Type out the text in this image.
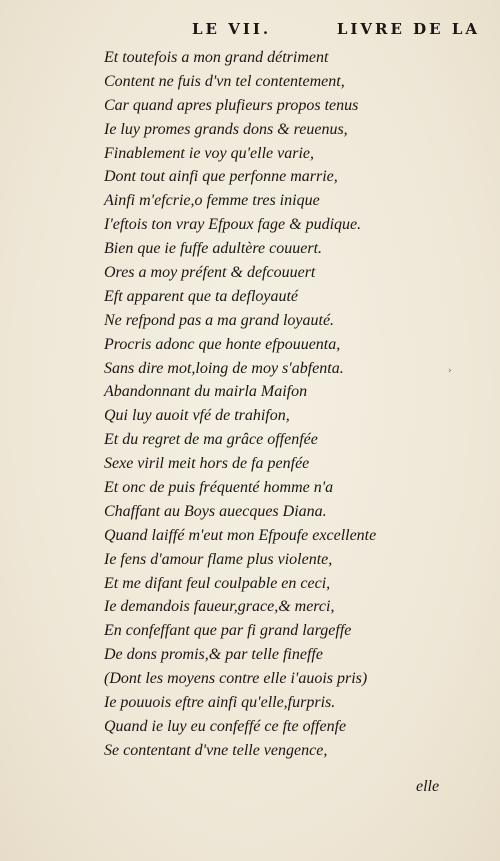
LE VII.	LIVRE DE LA
Et toutefois a mon grand détriment
Content ne fuis d'vn tel contentement,
Car quand apres plufieurs propos tenus
Ie luy promes grands dons & reuenus,
Finablement ie voy qu'elle varie,
Dont tout ainfi que perfonne marrie,
Ainfi m'efcrie,o femme tres inique
I'eftois ton vray Efpoux fage & pudique.
Bien que ie fuffe adultère couuert.
Ores a moy préfent & defcouuert
Eft apparent que ta defloyauté
Ne refpond pas a ma grand loyauté.
Procris adonc que honte efpouuenta,
Sans dire mot,loing de moy s'abfenta.
Abandonnant du mairla Maifon
Qui luy auoit vfé de trahifon,
Et du regret de ma grâce offenfée
Sexe viril meit hors de fa penfée
Et onc de puis fréquenté homme n'a
Chaffant au Boys auecques Diana.
Quand laiffé m'eut mon Efpoufe excellente
Ie fens d'amour flame plus violente,
Et me difant feul coulpable en ceci,
Ie demandois faueur,grace,& merci,
En confeffant que par fi grand largeffe
De dons promis,& par telle fineffe
(Dont les moyens contre elle i'auois pris)
Ie pouuois eftre ainfi qu'elle,furpris.
Quand ie luy eu confeffé ce fte offenfe
Se contentant d'vne telle vengence,
›
elle
